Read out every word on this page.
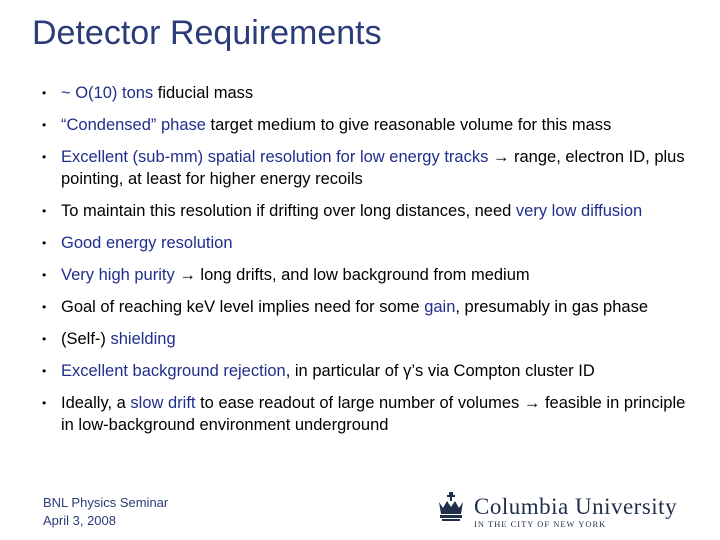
Detector Requirements
• ~ O(10) tons fiducial mass
• “Condensed” phase target medium to give reasonable volume for this mass
• Excellent (sub-mm) spatial resolution for low energy tracks → range, electron ID, plus pointing, at least for higher energy recoils
• To maintain this resolution if drifting over long distances, need very low diffusion
• Good energy resolution
• Very high purity → long drifts, and low background from medium
• Goal of reaching keV level implies need for some gain, presumably in gas phase
• (Self-) shielding
• Excellent background rejection, in particular of γ’s via Compton cluster ID
• Ideally, a slow drift to ease readout of large number of volumes → feasible in principle in low-background environment underground
BNL Physics Seminar
April 3, 2008
Columbia University
IN THE CITY OF NEW YORK
